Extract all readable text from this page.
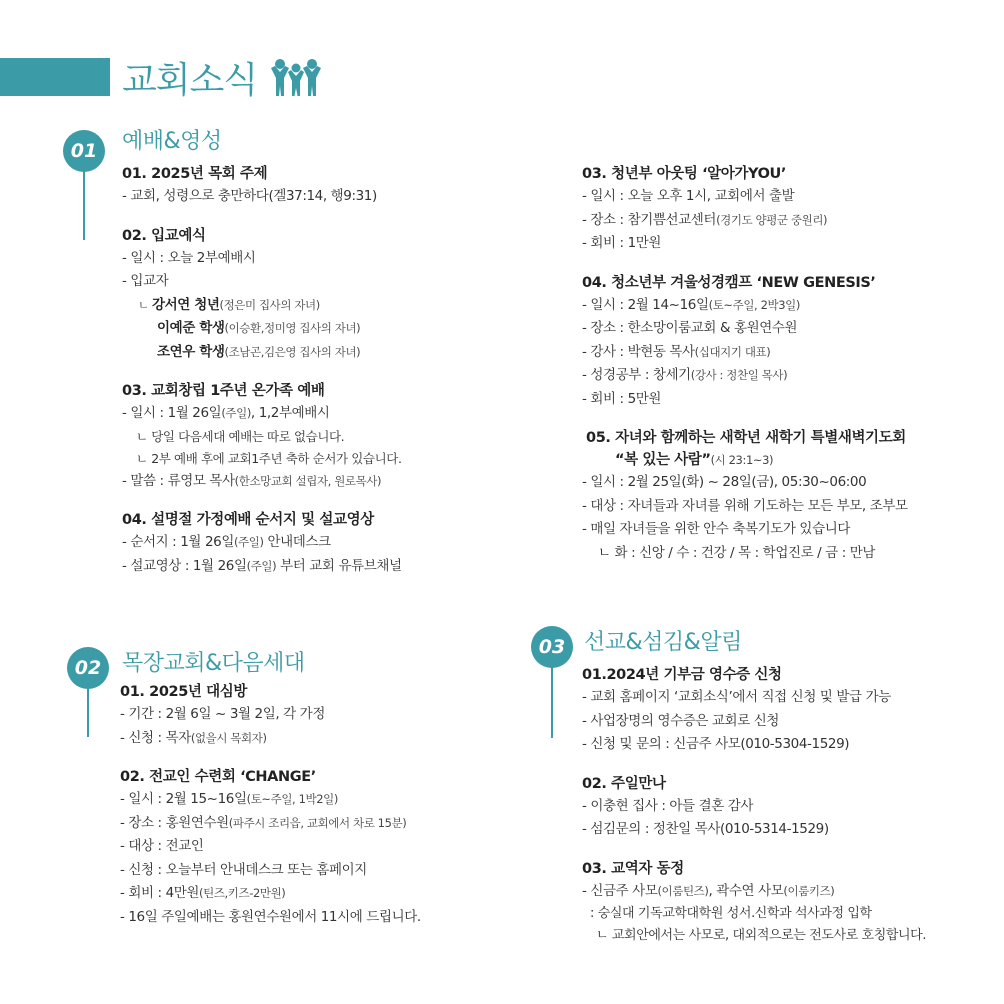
교회소식
01	예배&영성
01. 2025년 목회 주제
- 교회, 성령으로 충만하다(겔37:14, 행9:31)
02. 입교예식
- 일시 : 오늘 2부예배시
- 입교자
ㄴ 강서연 청년(정은미 집사의 자녀)
이예준 학생(이승환,정미영 집사의 자녀)
조연우 학생(조남곤,김은영 집사의 자녀)
03. 교회창립 1주년 온가족 예배
- 일시 : 1월 26일(주일), 1,2부예배시
ㄴ 당일 다음세대 예배는 따로 없습니다.
ㄴ 2부 예배 후에 교회1주년 축하 순서가 있습니다.
- 말씀 : 류영모 목사(한소망교회 설립자, 원로목사)
04. 설명절 가정예배 순서지 및 설교영상
- 순서지 : 1월 26일(주일) 안내데스크
- 설교영상 : 1월 26일(주일) 부터 교회 유튜브채널
02 목장교회&다음세대
01. 2025년 대심방
- 기간 : 2월 6일 ~ 3월 2일, 각 가정
- 신청 : 목자(없을시 목회자)
02. 전교인 수련회 ‘CHANGE’
- 일시 : 2월 15~16일(토~주일, 1박2일)
- 장소 : 홍원연수원(파주시 조리읍, 교회에서 차로 15분)
- 대상 : 전교인
- 신청 : 오늘부터 안내데스크 또는 홈페이지
- 회비 : 4만원(틴즈,키즈-2만원)
- 16일 주일예배는 홍원연수원에서 11시에 드립니다.
03. 청년부 아웃팅 ‘알아가YOU’
- 일시 : 오늘 오후 1시, 교회에서 출발
- 장소 : 참기쁨선교센터(경기도 양평군 중원리)
- 회비 : 1만원
04. 청소년부 겨울성경캠프 ‘NEW GENESIS’
- 일시 : 2월 14~16일(토~주일, 2박3일)
- 장소 : 한소망이룸교회 & 홍원연수원
- 강사 : 박현동 목사(십대지기 대표)
- 성경공부 : 창세기(강사 : 정찬일 목사)
- 회비 : 5만원
05. 자녀와 함께하는 새학년 새학기 특별새벽기도회
“복 있는 사람”(시 23:1~3)
- 일시 : 2월 25일(화) ~ 28일(금), 05:30~06:00
- 대상 : 자녀들과 자녀를 위해 기도하는 모든 부모, 조부모
- 매일 자녀들을 위한 안수 축복기도가 있습니다
ㄴ 화 : 신앙 / 수 : 건강 / 목 : 학업진로 / 금 : 만남
03 선교&섬김&알림
01.2024년 기부금 영수증 신청
- 교회 홈페이지 ‘교회소식’에서 직접 신청 및 발급 가능
- 사업장명의 영수증은 교회로 신청
- 신청 및 문의 : 신금주 사모(010-5304-1529)
02. 주일만나
- 이충현 집사 : 아들 결혼 감사
- 섬김문의 : 정찬일 목사(010-5314-1529)
03. 교역자 동정
- 신금주 사모(이룸틴즈), 곽수연 사모(이룸키즈)
: 숭실대 기독교학대학원 성서.신학과 석사과정 입학
ㄴ 교회안에서는 사모로, 대외적으로는 전도사로 호칭합니다.
